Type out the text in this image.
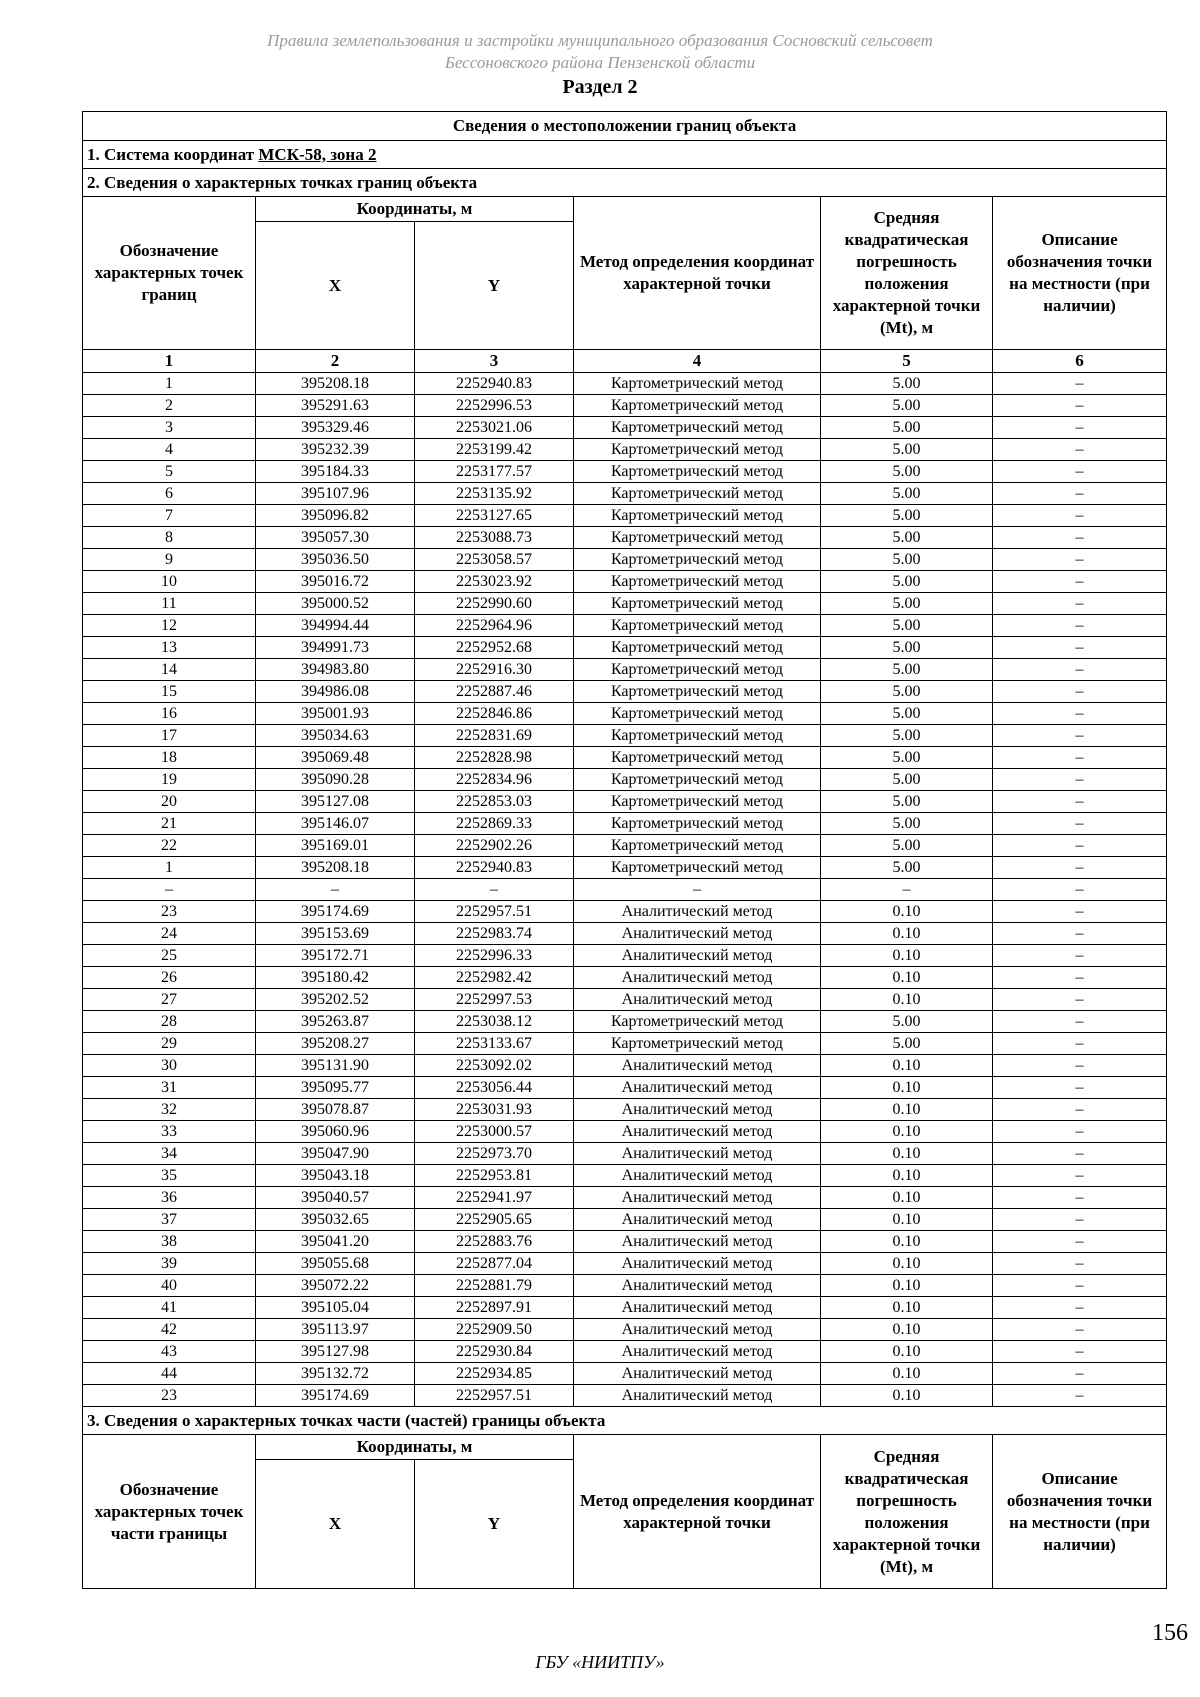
Правила землепользования и застройки муниципального образования Сосновский сельсовет
Бессоновского района Пензенской области
Раздел 2
Сведения о местоположении границ объекта					
1. Система координат МСК-58, зона 2					
2. Сведения о характерных точках границ объекта					
Обозначение характерных точек границ	Координаты, м		Метод определения координат характерной точки	Средняя квадратическая погрешность положения характерной точки (Мt), м	Описание обозначения точки на местности (при наличии)
	X	Y			
1	2	3	4	5	6
1	395208.18	2252940.83	Картометрический метод	5.00	–
2	395291.63	2252996.53	Картометрический метод	5.00	–
3	395329.46	2253021.06	Картометрический метод	5.00	–
4	395232.39	2253199.42	Картометрический метод	5.00	–
5	395184.33	2253177.57	Картометрический метод	5.00	–
6	395107.96	2253135.92	Картометрический метод	5.00	–
7	395096.82	2253127.65	Картометрический метод	5.00	–
8	395057.30	2253088.73	Картометрический метод	5.00	–
9	395036.50	2253058.57	Картометрический метод	5.00	–
10	395016.72	2253023.92	Картометрический метод	5.00	–
11	395000.52	2252990.60	Картометрический метод	5.00	–
12	394994.44	2252964.96	Картометрический метод	5.00	–
13	394991.73	2252952.68	Картометрический метод	5.00	–
14	394983.80	2252916.30	Картометрический метод	5.00	–
15	394986.08	2252887.46	Картометрический метод	5.00	–
16	395001.93	2252846.86	Картометрический метод	5.00	–
17	395034.63	2252831.69	Картометрический метод	5.00	–
18	395069.48	2252828.98	Картометрический метод	5.00	–
19	395090.28	2252834.96	Картометрический метод	5.00	–
20	395127.08	2252853.03	Картометрический метод	5.00	–
21	395146.07	2252869.33	Картометрический метод	5.00	–
22	395169.01	2252902.26	Картометрический метод	5.00	–
1	395208.18	2252940.83	Картометрический метод	5.00	–
–	–	–	–	–	–
23	395174.69	2252957.51	Аналитический метод	0.10	–
24	395153.69	2252983.74	Аналитический метод	0.10	–
25	395172.71	2252996.33	Аналитический метод	0.10	–
26	395180.42	2252982.42	Аналитический метод	0.10	–
27	395202.52	2252997.53	Аналитический метод	0.10	–
28	395263.87	2253038.12	Картометрический метод	5.00	–
29	395208.27	2253133.67	Картометрический метод	5.00	–
30	395131.90	2253092.02	Аналитический метод	0.10	–
31	395095.77	2253056.44	Аналитический метод	0.10	–
32	395078.87	2253031.93	Аналитический метод	0.10	–
33	395060.96	2253000.57	Аналитический метод	0.10	–
34	395047.90	2252973.70	Аналитический метод	0.10	–
35	395043.18	2252953.81	Аналитический метод	0.10	–
36	395040.57	2252941.97	Аналитический метод	0.10	–
37	395032.65	2252905.65	Аналитический метод	0.10	–
38	395041.20	2252883.76	Аналитический метод	0.10	–
39	395055.68	2252877.04	Аналитический метод	0.10	–
40	395072.22	2252881.79	Аналитический метод	0.10	–
41	395105.04	2252897.91	Аналитический метод	0.10	–
42	395113.97	2252909.50	Аналитический метод	0.10	–
43	395127.98	2252930.84	Аналитический метод	0.10	–
44	395132.72	2252934.85	Аналитический метод	0.10	–
23	395174.69	2252957.51	Аналитический метод	0.10	–
3. Сведения о характерных точках части (частей) границы объекта					
Обозначение характерных точек части границы	Координаты, м		Метод определения координат характерной точки	Средняя квадратическая погрешность положения характерной точки (Мt), м	Описание обозначения точки на местности (при наличии)
	X	Y			
156
ГБУ «НИИТПУ»
